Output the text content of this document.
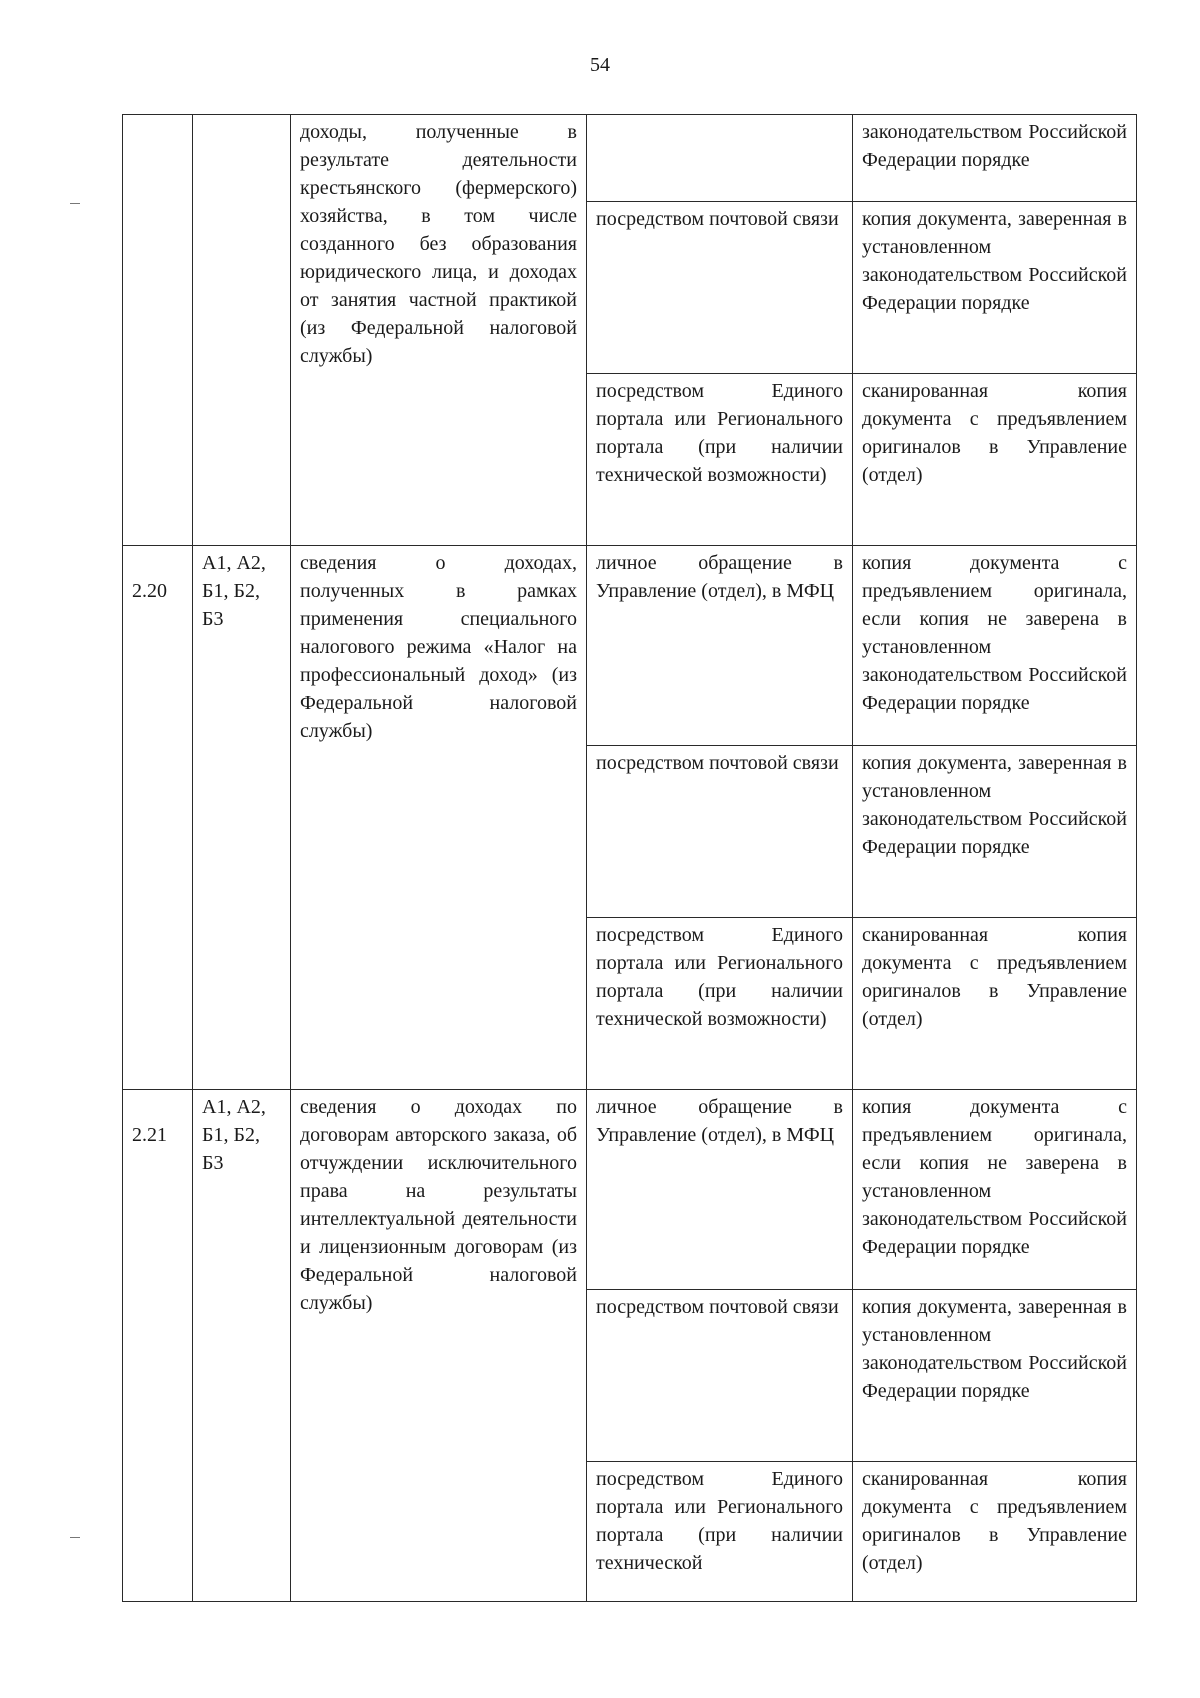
54
		доходы, полученные в результате деятельности крестьянского (фермерского) хозяйства, в том числе созданного без образования юридического лица, и доходах от занятия частной практикой (из Федеральной налоговой службы)		законодательством Российской Федерации порядке
			посредством почтовой связи	копия документа, заверенная в установленном законодательством Российской Федерации порядке
			посредством Единого портала или Регионального портала (при наличии технической возможности)	сканированная копия документа с предъявлением оригиналов в Управление (отдел)
2.20	А1, А2, Б1, Б2, Б3	сведения о доходах, полученных в рамках применения специального налогового режима «Налог на профессиональный доход» (из Федеральной налоговой службы)	личное обращение в Управление (отдел), в МФЦ	копия документа с предъявлением оригинала, если копия не заверена в установленном законодательством Российской Федерации порядке
			посредством почтовой связи	копия документа, заверенная в установленном законодательством Российской Федерации порядке
			посредством Единого портала или Регионального портала (при наличии технической возможности)	сканированная копия документа с предъявлением оригиналов в Управление (отдел)
2.21	А1, А2, Б1, Б2, Б3	сведения о доходах по договорам авторского заказа, об отчуждении исключительного права на результаты интеллектуальной деятельности и лицензионным договорам (из Федеральной налоговой службы)	личное обращение в Управление (отдел), в МФЦ	копия документа с предъявлением оригинала, если копия не заверена в установленном законодательством Российской Федерации порядке
			посредством почтовой связи	копия документа, заверенная в установленном законодательством Российской Федерации порядке
			посредством Единого портала или Регионального портала (при наличии технической	сканированная копия документа с предъявлением оригиналов в Управление (отдел)
